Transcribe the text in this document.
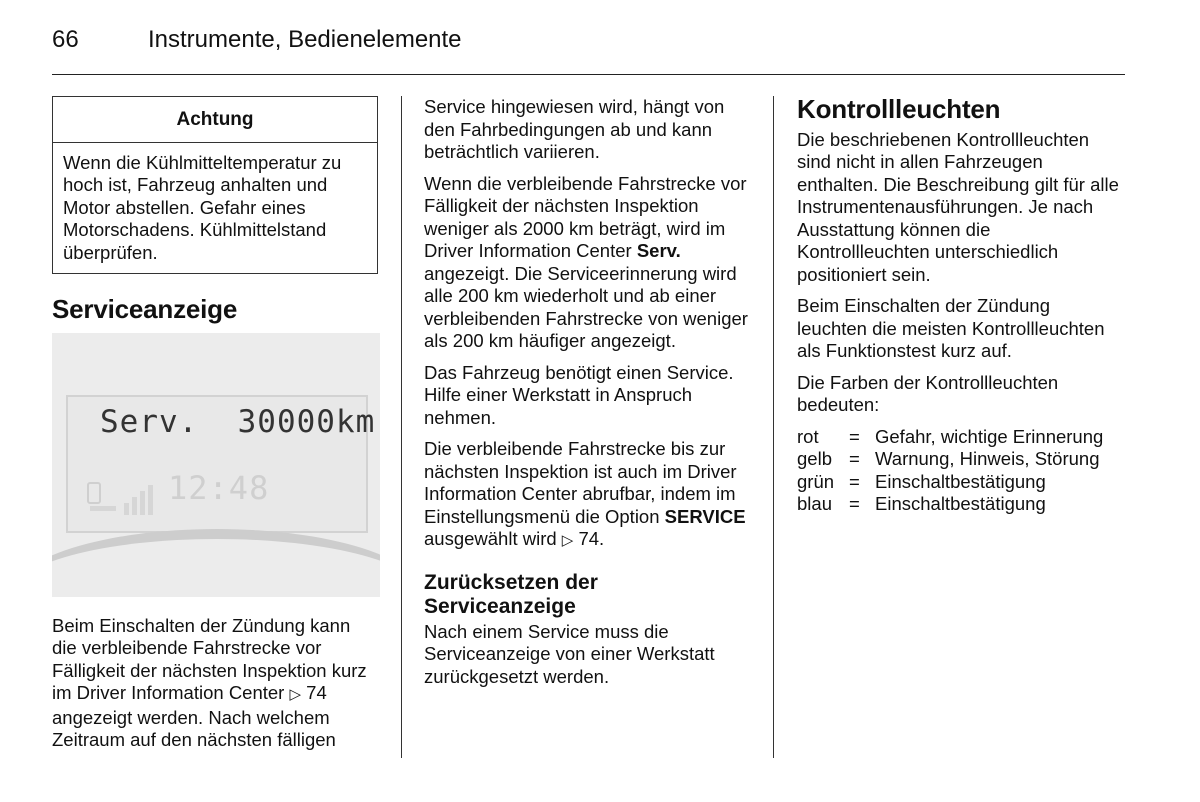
66	Instrumente, Bedienelemente
Achtung
Wenn die Kühlmitteltemperatur zu hoch ist, Fahrzeug anhalten und Motor abstellen. Gefahr eines Motorschadens. Kühlmittelstand überprüfen.
Serviceanzeige
Serv.  30000km
12:48

Beim Einschalten der Zündung kann die verbleibende Fahrstrecke vor Fälligkeit der nächsten Inspektion kurz im Driver Information Center ▷ 74 angezeigt werden. Nach welchem Zeitraum auf den nächsten fälligen

Service hingewiesen wird, hängt von den Fahrbedingungen ab und kann beträchtlich variieren.

Wenn die verbleibende Fahrstrecke vor Fälligkeit der nächsten Inspektion weniger als 2000 km beträgt, wird im Driver Information Center Serv. angezeigt. Die Serviceerinnerung wird alle 200 km wiederholt und ab einer verbleibenden Fahrstrecke von weniger als 200 km häufiger angezeigt.

Das Fahrzeug benötigt einen Service. Hilfe einer Werkstatt in Anspruch nehmen.

Die verbleibende Fahrstrecke bis zur nächsten Inspektion ist auch im Driver Information Center abrufbar, indem im Einstellungsmenü die Option SERVICE ausgewählt wird ▷ 74.

Zurücksetzen der Serviceanzeige

Nach einem Service muss die Serviceanzeige von einer Werkstatt zurückgesetzt werden.

Kontrollleuchten

Die beschriebenen Kontrollleuchten sind nicht in allen Fahrzeugen enthalten. Die Beschreibung gilt für alle Instrumentenausführungen. Je nach Ausstattung können die Kontrollleuchten unterschiedlich positioniert sein.

Beim Einschalten der Zündung leuchten die meisten Kontrollleuchten als Funktionstest kurz auf.

Die Farben der Kontrollleuchten bedeuten:

rot	= Gefahr, wichtige Erinnerung
gelb = Warnung, Hinweis, Störung
grün = Einschaltbestätigung
blau = Einschaltbestätigung
